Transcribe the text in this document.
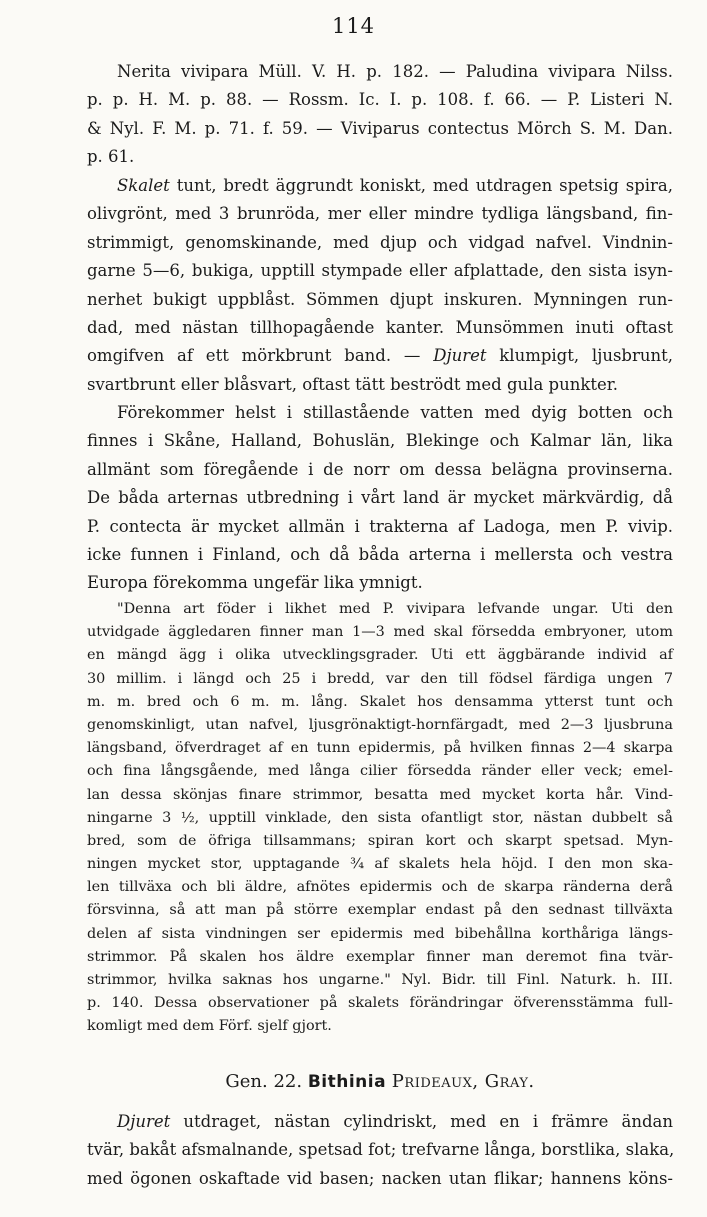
114
Nerita vivipara Müll. V. H. p. 182. — Paludina vivipara Nilss.
p. p. H. M. p. 88. — Rossm. Ic. I. p. 108. f. 66. — P. Listeri N.
& Nyl. F. M. p. 71. f. 59. — Viviparus contectus Mörch S. M. Dan.
p. 61.
Skalet tunt, bredt äggrundt koniskt, med utdragen spetsig spira,
olivgrönt, med 3 brunröda, mer eller mindre tydliga längsband, fin-
strimmigt, genomskinande, med djup och vidgad nafvel. Vindnin-
garne 5—6, bukiga, upptill stympade eller afplattade, den sista isyn-
nerhet bukigt uppblåst. Sömmen djupt inskuren. Mynningen run-
dad, med nästan tillhopagående kanter. Munsömmen inuti oftast
omgifven af ett mörkbrunt band. — Djuret klumpigt, ljusbrunt,
svartbrunt eller blåsvart, oftast tätt beströdt med gula punkter.
Förekommer helst i stillastående vatten med dyig botten och
finnes i Skåne, Halland, Bohuslän, Blekinge och Kalmar län, lika
allmänt som föregående i de norr om dessa belägna provinserna.
De båda arternas utbredning i vårt land är mycket märkvärdig, då
P. contecta är mycket allmän i trakterna af Ladoga, men P. vivip.
icke funnen i Finland, och då båda arterna i mellersta och vestra
Europa förekomma ungefär lika ymnigt.
"Denna art föder i likhet med P. vivipara lefvande ungar. Uti den
utvidgade äggledaren finner man 1—3 med skal försedda embryoner, utom
en mängd ägg i olika utvecklingsgrader. Uti ett äggbärande individ af
30 millim. i längd och 25 i bredd, var den till födsel färdiga ungen 7
m. m. bred och 6 m. m. lång. Skalet hos densamma ytterst tunt och
genomskinligt, utan nafvel, ljusgrönaktigt-hornfärgadt, med 2—3 ljusbruna
längsband, öfverdraget af en tunn epidermis, på hvilken finnas 2—4 skarpa
och fina långsgående, med långa cilier försedda ränder eller veck; emel-
lan dessa skönjas finare strimmor, besatta med mycket korta hår. Vind-
ningarne 3 ½, upptill vinklade, den sista ofantligt stor, nästan dubbelt så
bred, som de öfriga tillsammans; spiran kort och skarpt spetsad. Myn-
ningen mycket stor, upptagande ¾ af skalets hela höjd. I den mon ska-
len tillväxa och bli äldre, afnötes epidermis och de skarpa ränderna derå
försvinna, så att man på större exemplar endast på den sednast tillväxta
delen af sista vindningen ser epidermis med bibehållna korthåriga längs-
strimmor. På skalen hos äldre exemplar finner man deremot fina tvär-
strimmor, hvilka saknas hos ungarne." Nyl. Bidr. till Finl. Naturk. h. III.
p. 140. Dessa observationer på skalets förändringar öfverensstämma full-
komligt med dem Förf. sjelf gjort.
Gen. 22. Bithinia Prideaux, Gray.
Djuret utdraget, nästan cylindriskt, med en i främre ändan
tvär, bakåt afsmalnande, spetsad fot; trefvarne långa, borstlika, slaka,
med ögonen oskaftade vid basen; nacken utan flikar; hannens köns-
